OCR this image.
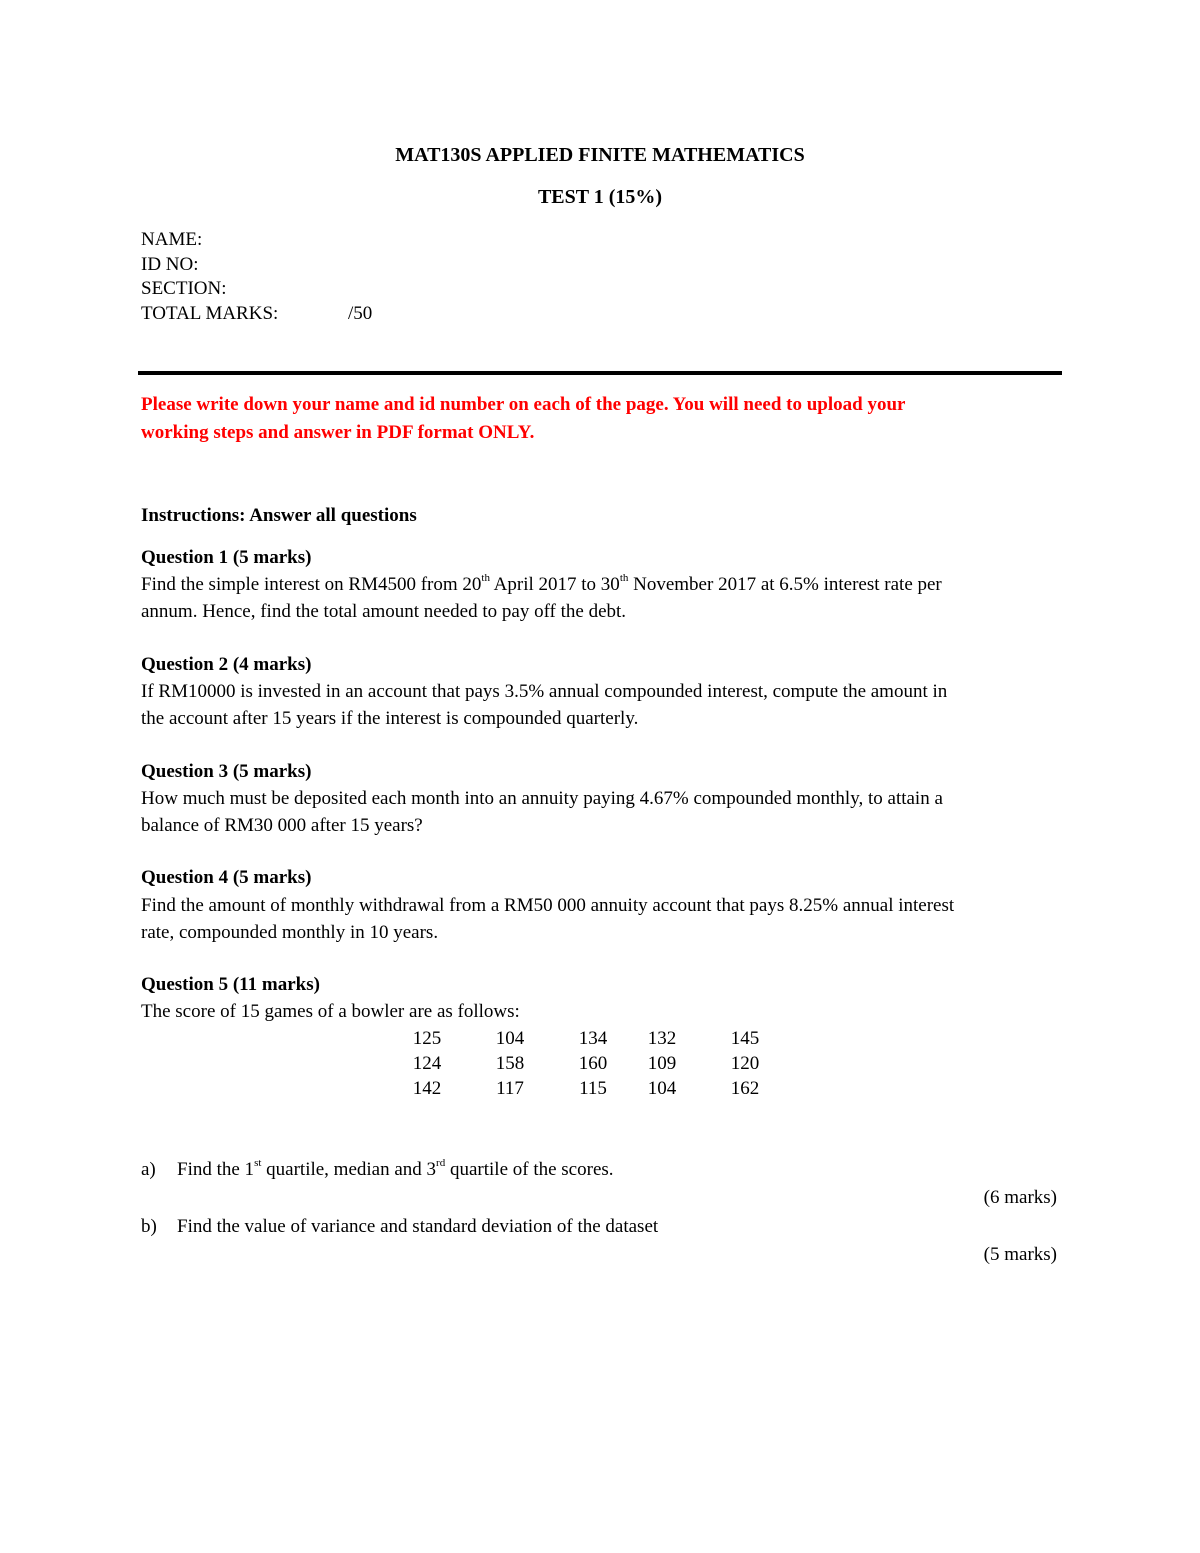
MAT130S APPLIED FINITE MATHEMATICS
TEST 1 (15%)
NAME:
ID NO:
SECTION:
TOTAL MARKS:	/50
Please write down your name and id number on each of the page. You will need to upload your
working steps and answer in PDF format ONLY.
Instructions: Answer all questions
Question 1 (5 marks)
Find the simple interest on RM4500 from 20th April 2017 to 30th November 2017 at 6.5% interest rate per
annum. Hence, find the total amount needed to pay off the debt.
Question 2 (4 marks)
If RM10000 is invested in an account that pays 3.5% annual compounded interest, compute the amount in
the account after 15 years if the interest is compounded quarterly.
Question 3 (5 marks)
How much must be deposited each month into an annuity paying 4.67% compounded monthly, to attain a
balance of RM30 000 after 15 years?
Question 4 (5 marks)
Find the amount of monthly withdrawal from a RM50 000 annuity account that pays 8.25% annual interest
rate, compounded monthly in 10 years.
Question 5 (11 marks)
The score of 15 games of a bowler are as follows:
125	104	134	132	145
124	158	160	109	120
142	117	115	104	162
a) Find the 1st quartile, median and 3rd quartile of the scores.
(6 marks)
b) Find the value of variance and standard deviation of the dataset
(5 marks)
